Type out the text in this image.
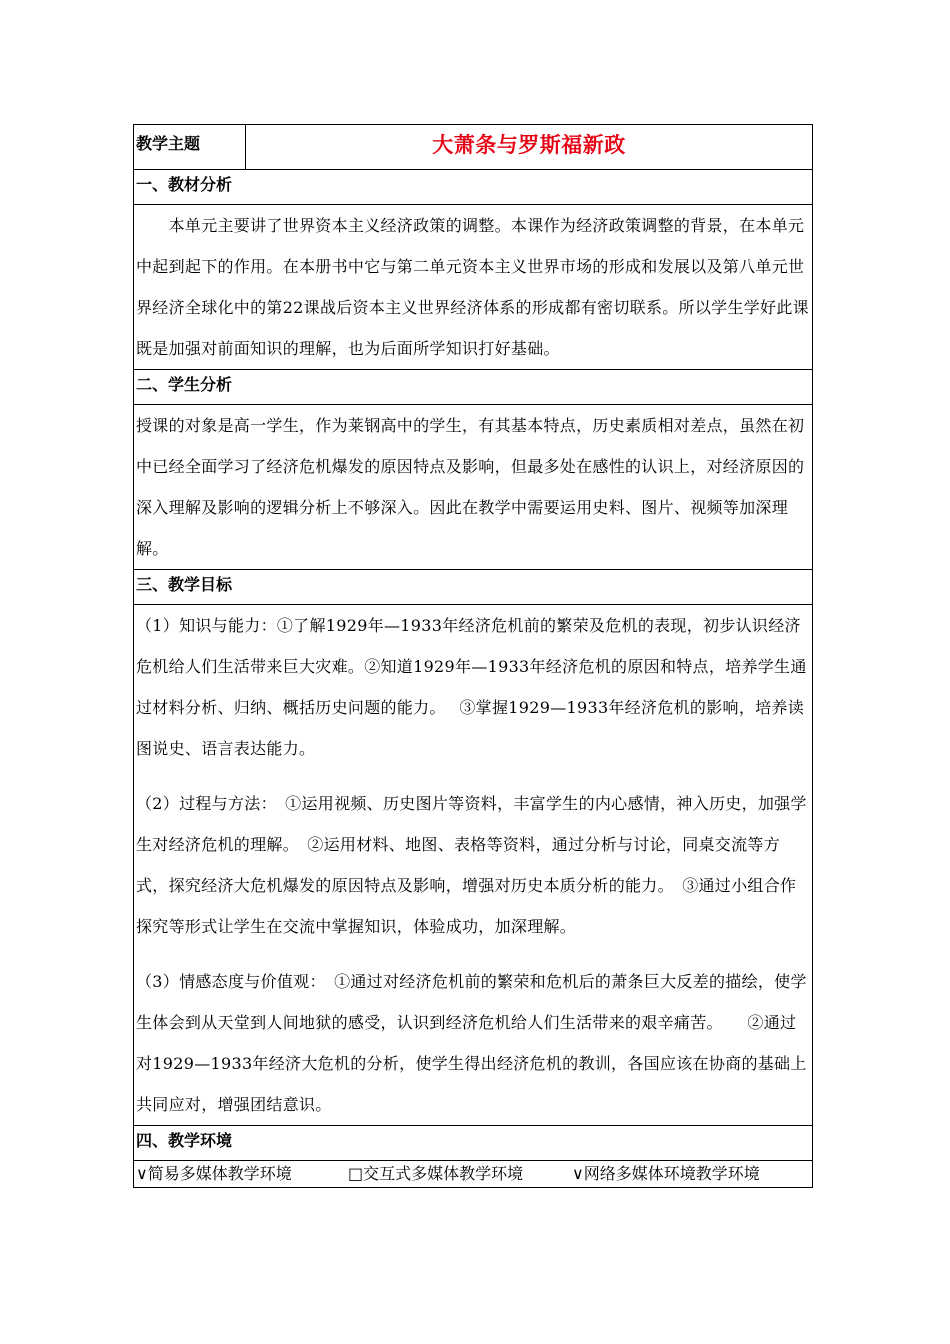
教学主题	大萧条与罗斯福新政
一、教材分析

　　本单元主要讲了世界资本主义经济政策的调整。本课作为经济政策调整的背景，在本单元中起到起下的作用。在本册书中它与第二单元资本主义世界市场的形成和发展以及第八单元世界经济全球化中的第22课战后资本主义世界经济体系的形成都有密切联系。所以学生学好此课既是加强对前面知识的理解，也为后面所学知识打好基础。

二、学生分析

授课的对象是高一学生，作为莱钢高中的学生，有其基本特点，历史素质相对差点，虽然在初中已经全面学习了经济危机爆发的原因特点及影响，但最多处在感性的认识上，对经济原因的深入理解及影响的逻辑分析上不够深入。因此在教学中需要运用史料、图片、视频等加深理解。

三、教学目标

（1）知识与能力：①了解1929年—1933年经济危机前的繁荣及危机的表现，初步认识经济危机给人们生活带来巨大灾难。②知道1929年—1933年经济危机的原因和特点，培养学生通过材料分析、归纳、概括历史问题的能力。　 ③掌握1929—1933年经济危机的影响，培养读图说史、语言表达能力。

（2）过程与方法：　①运用视频、历史图片等资料，丰富学生的内心感情，神入历史，加强学生对经济危机的理解。　②运用材料、地图、表格等资料，通过分析与讨论，同桌交流等方式，探究经济大危机爆发的原因特点及影响，增强对历史本质分析的能力。　③通过小组合作探究等形式让学生在交流中掌握知识，体验成功，加深理解。

（3）情感态度与价值观：　①通过对经济危机前的繁荣和危机后的萧条巨大反差的描绘，使学生体会到从天堂到人间地狱的感受，认识到经济危机给人们生活带来的艰辛痛苦。　　②通过对1929—1933年经济大危机的分析，使学生得出经济危机的教训，各国应该在协商的基础上共同应对，增强团结意识。

四、教学环境
∨简易多媒体教学环境	□交互式多媒体教学环境	∨网络多媒体环境教学环境
